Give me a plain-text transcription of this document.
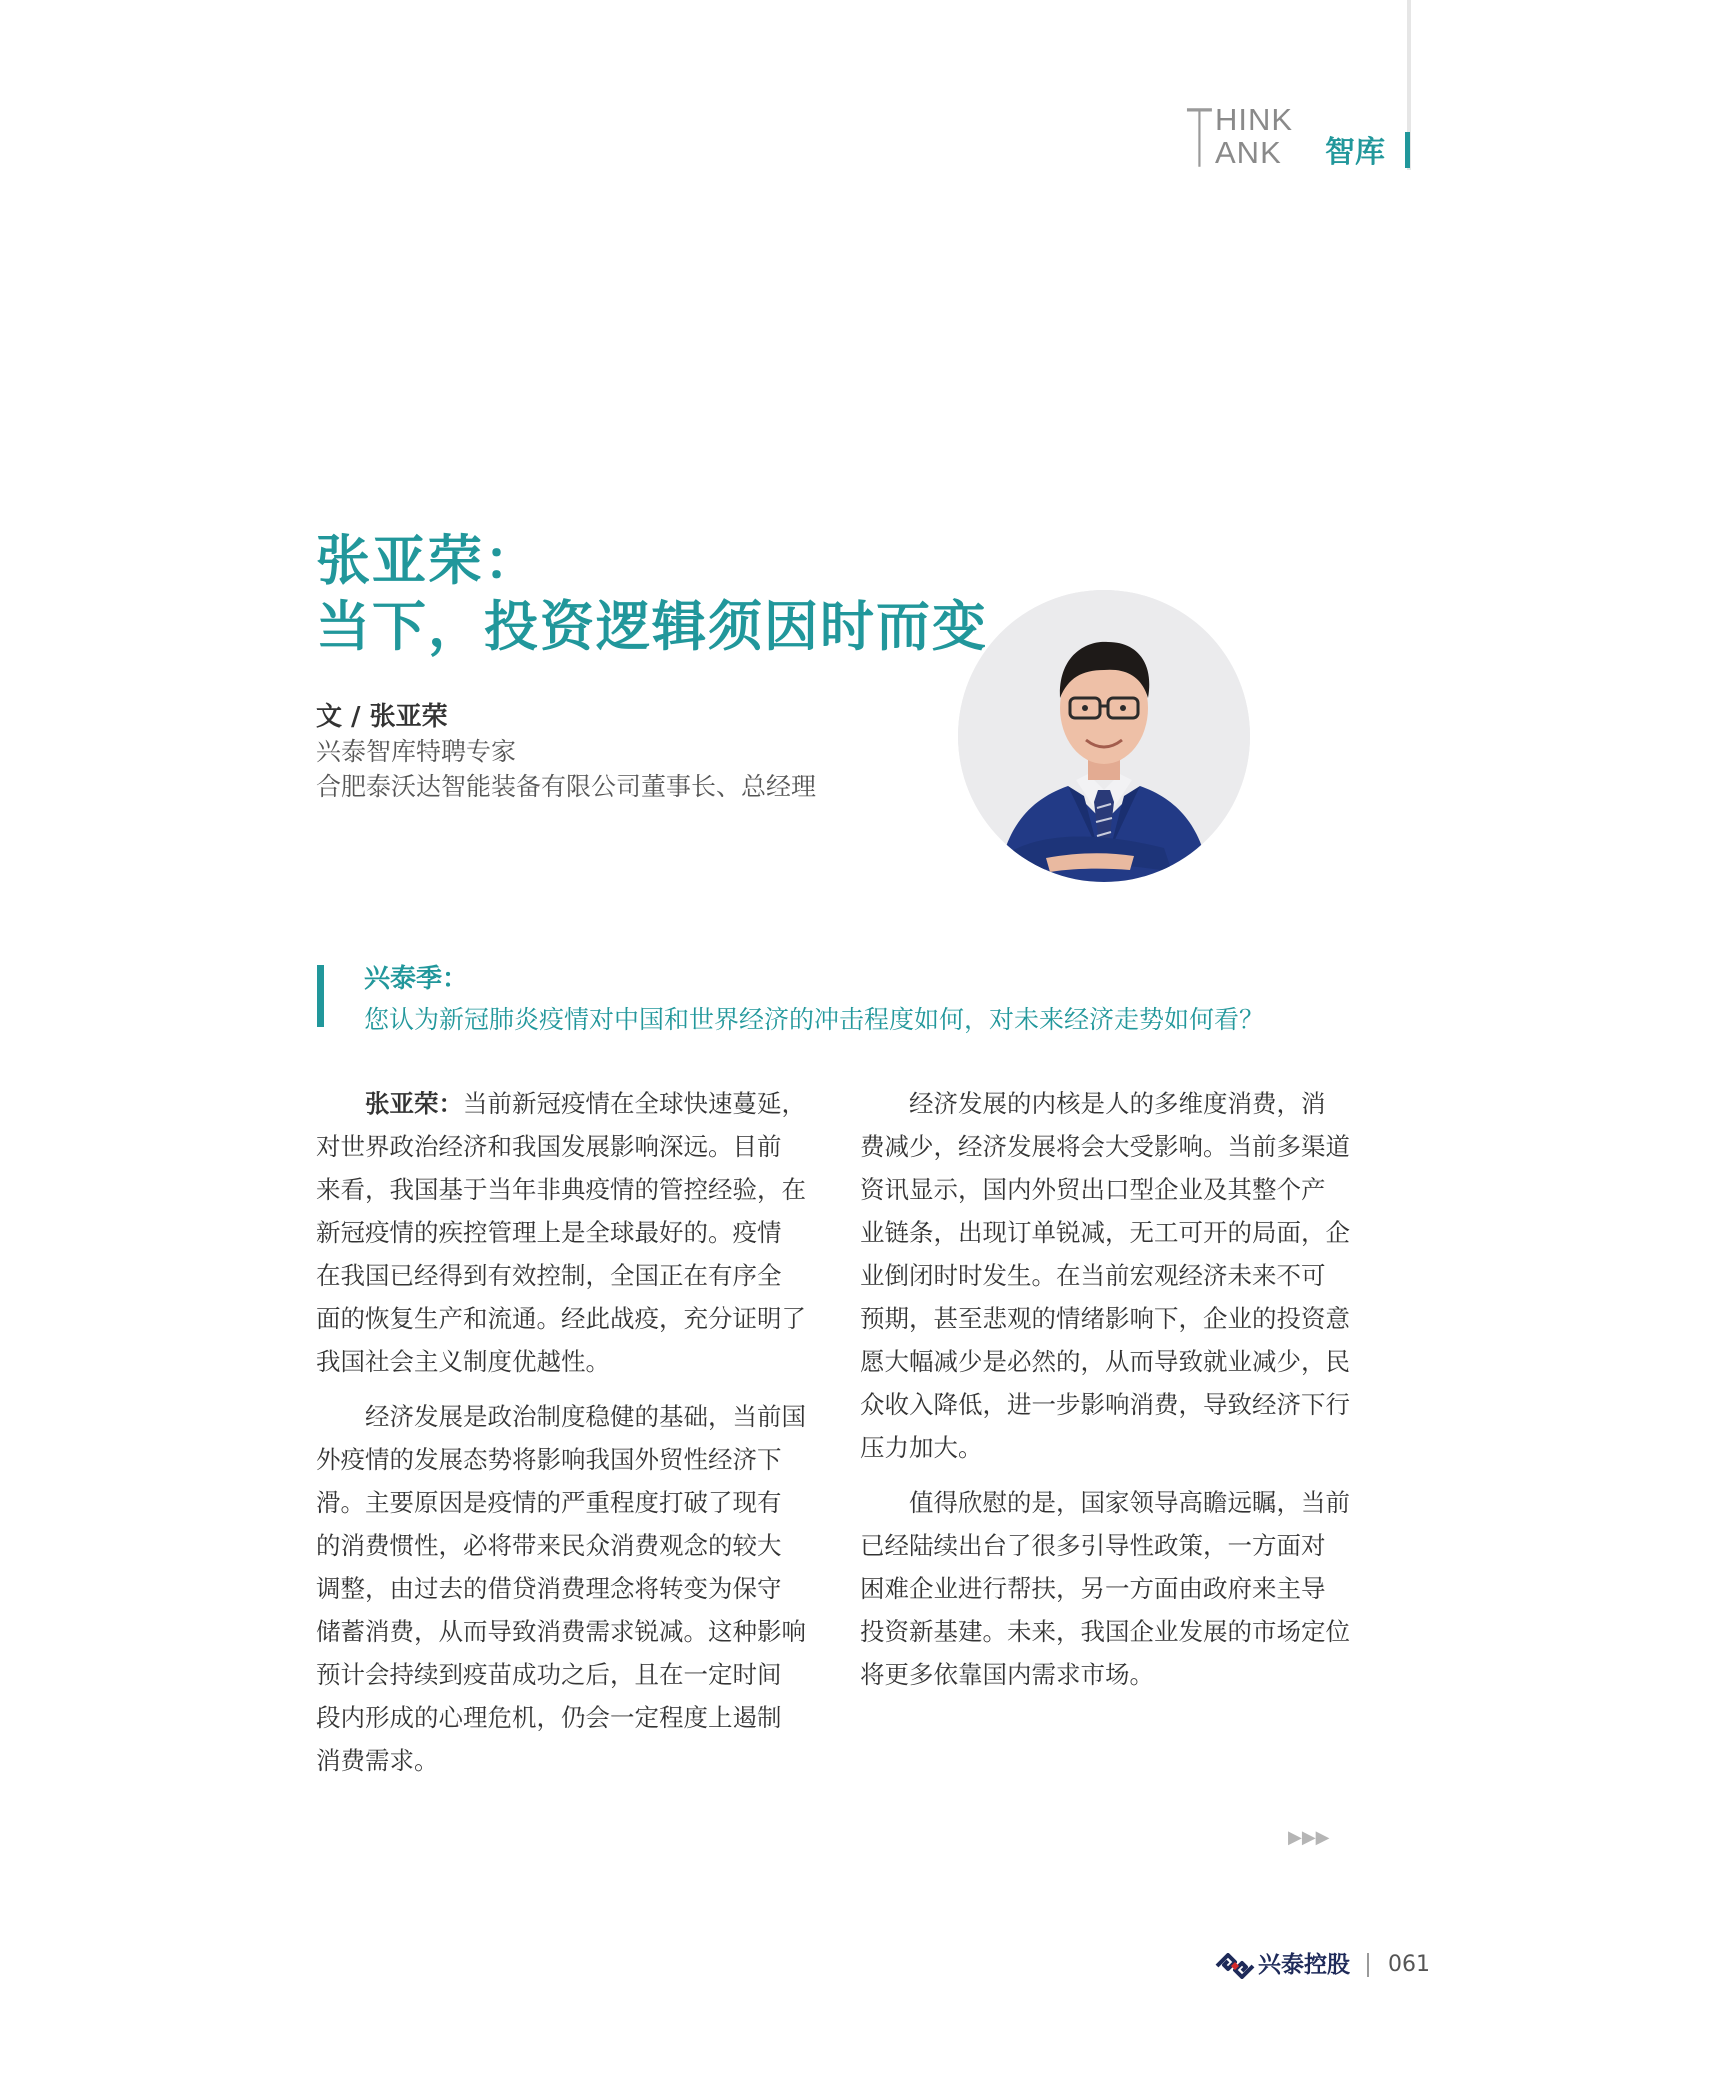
T HINK
ANK 智库
张亚荣：
当下，投资逻辑须因时而变
文 / 张亚荣
兴泰智库特聘专家
合肥泰沃达智能装备有限公司董事长、总经理
兴泰季：
您认为新冠肺炎疫情对中国和世界经济的冲击程度如何，对未来经济走势如何看？

　　张亚荣：当前新冠疫情在全球快速蔓延，

对世界政治经济和我国发展影响深远。目前

来看，我国基于当年非典疫情的管控经验，在

新冠疫情的疾控管理上是全球最好的。疫情

在我国已经得到有效控制，全国正在有序全

面的恢复生产和流通。经此战疫，充分证明了

我国社会主义制度优越性。

　　经济发展是政治制度稳健的基础，当前国

外疫情的发展态势将影响我国外贸性经济下

滑。主要原因是疫情的严重程度打破了现有

的消费惯性，必将带来民众消费观念的较大

调整，由过去的借贷消费理念将转变为保守

储蓄消费，从而导致消费需求锐减。这种影响

预计会持续到疫苗成功之后，且在一定时间

段内形成的心理危机，仍会一定程度上遏制

消费需求。

　　经济发展的内核是人的多维度消费，消

费减少，经济发展将会大受影响。当前多渠道

资讯显示，国内外贸出口型企业及其整个产

业链条，出现订单锐减，无工可开的局面，企

业倒闭时时发生。在当前宏观经济未来不可

预期，甚至悲观的情绪影响下，企业的投资意

愿大幅减少是必然的，从而导致就业减少，民

众收入降低，进一步影响消费，导致经济下行

压力加大。

　　值得欣慰的是，国家领导高瞻远瞩，当前

已经陆续出台了很多引导性政策，一方面对

困难企业进行帮扶，另一方面由政府来主导

投资新基建。未来，我国企业发展的市场定位

将更多依靠国内需求市场。

▶▶▶
兴泰控股 061
